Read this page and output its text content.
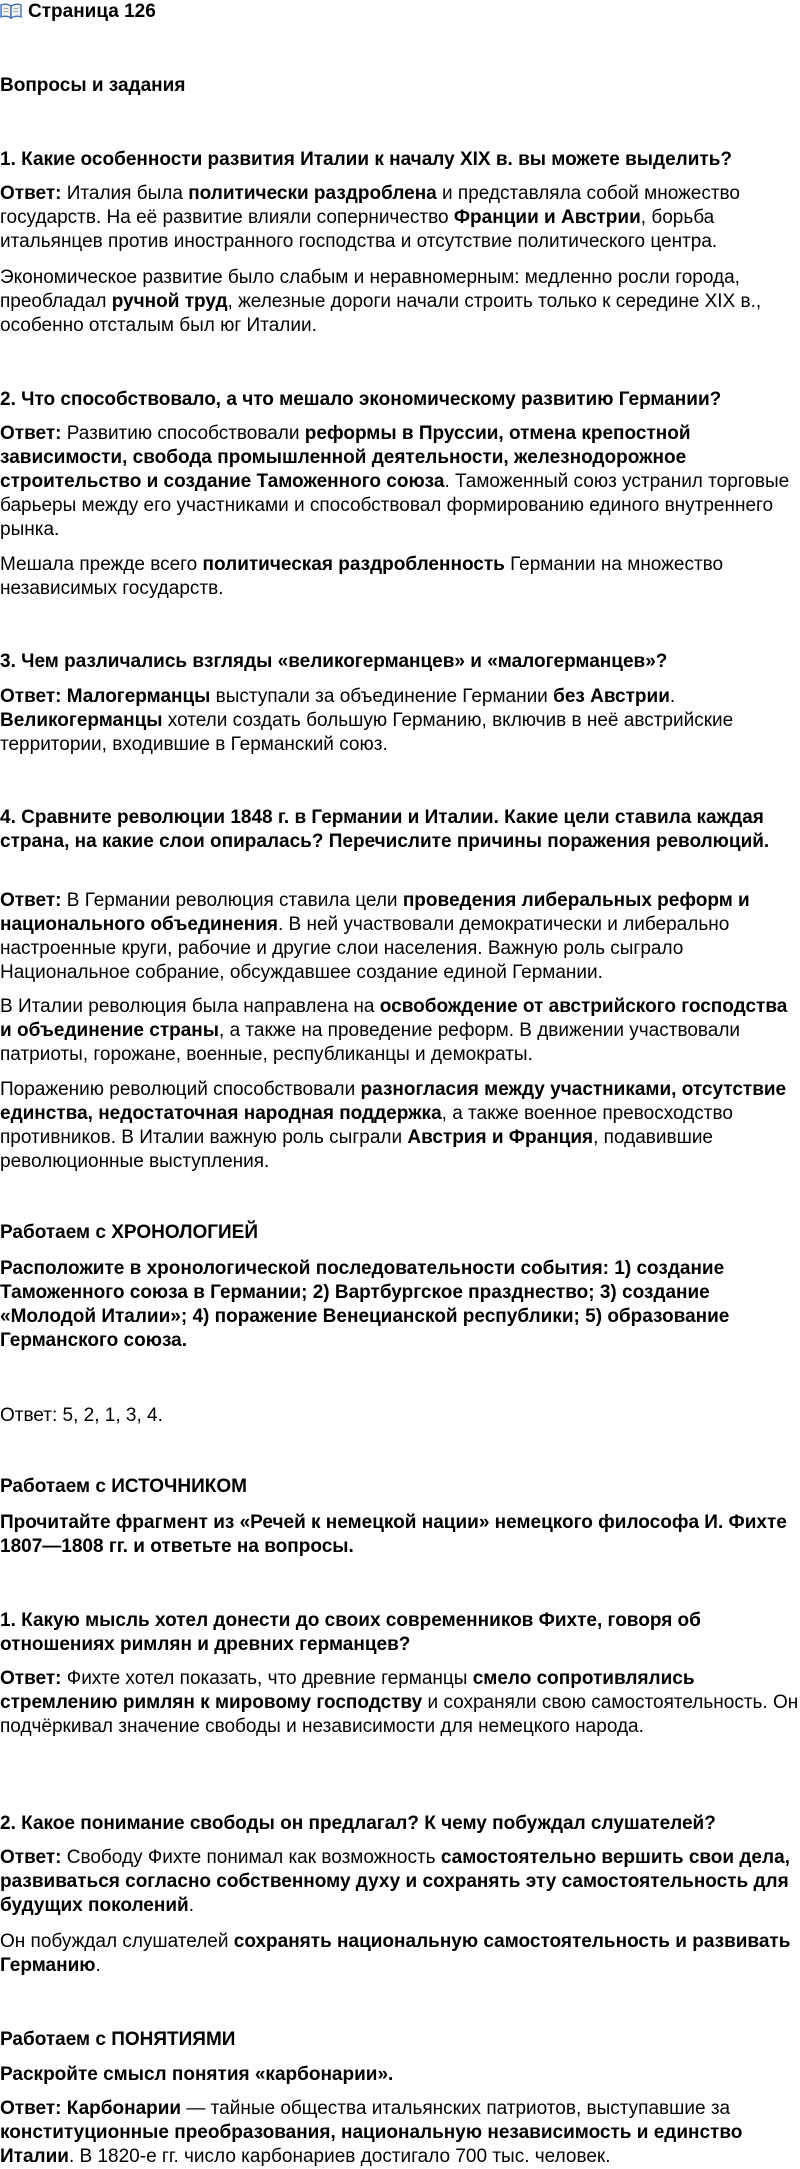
Страница 126
Вопросы и задания
1. Какие особенности развития Италии к началу XIX в. вы можете выделить?

Ответ: Италия была политически раздроблена и представляла собой множество государств. На её развитие влияли соперничество Франции и Австрии, борьба итальянцев против иностранного господства и отсутствие политического центра.

Экономическое развитие было слабым и неравномерным: медленно росли города, преобладал ручной труд, железные дороги начали строить только к середине XIX в., особенно отсталым был юг Италии.

2. Что способствовало, а что мешало экономическому развитию Германии?

Ответ: Развитию способствовали реформы в Пруссии, отмена крепостной зависимости, свобода промышленной деятельности, железнодорожное строительство и создание Таможенного союза. Таможенный союз устранил торговые барьеры между его участниками и способствовал формированию единого внутреннего рынка.

Мешала прежде всего политическая раздробленность Германии на множество независимых государств.

3. Чем различались взгляды «великогерманцев» и «малогерманцев»?

Ответ: Малогерманцы выступали за объединение Германии без Австрии. Великогерманцы хотели создать большую Германию, включив в неё австрийские территории, входившие в Германский союз.

4. Сравните революции 1848 г. в Германии и Италии. Какие цели ставила каждая страна, на какие слои опиралась? Перечислите причины поражения революций.

Ответ: В Германии революция ставила цели проведения либеральных реформ и национального объединения. В ней участвовали демократически и либерально настроенные круги, рабочие и другие слои населения. Важную роль сыграло Национальное собрание, обсуждавшее создание единой Германии.

В Италии революция была направлена на освобождение от австрийского господства и объединение страны, а также на проведение реформ. В движении участвовали патриоты, горожане, военные, республиканцы и демократы.

Поражению революций способствовали разногласия между участниками, отсутствие единства, недостаточная народная поддержка, а также военное превосходство противников. В Италии важную роль сыграли Австрия и Франция, подавившие революционные выступления.

Работаем с ХРОНОЛОГИЕЙ

Расположите в хронологической последовательности события: 1) создание Таможенного союза в Германии; 2) Вартбургское празднество; 3) создание «Молодой Италии»; 4) поражение Венецианской республики; 5) образование Германского союза.

Ответ: 5, 2, 1, 3, 4.

Работаем с ИСТОЧНИКОМ

Прочитайте фрагмент из «Речей к немецкой нации» немецкого философа И. Фихте 1807—1808 гг. и ответьте на вопросы.

1. Какую мысль хотел донести до своих современников Фихте, говоря об отношениях римлян и древних германцев?

Ответ: Фихте хотел показать, что древние германцы смело сопротивлялись стремлению римлян к мировому господству и сохраняли свою самостоятельность. Он подчёркивал значение свободы и независимости для немецкого народа.

2. Какое понимание свободы он предлагал? К чему побуждал слушателей?

Ответ: Свободу Фихте понимал как возможность самостоятельно вершить свои дела, развиваться согласно собственному духу и сохранять эту самостоятельность для будущих поколений.

Он побуждал слушателей сохранять национальную самостоятельность и развивать Германию.

Работаем с ПОНЯТИЯМИ
Раскройте смысл понятия «карбонарии».

Ответ: Карбонарии — тайные общества итальянских патриотов, выступавшие за конституционные преобразования, национальную независимость и единство Италии. В 1820-е гг. число карбонариев достигало 700 тыс. человек.
